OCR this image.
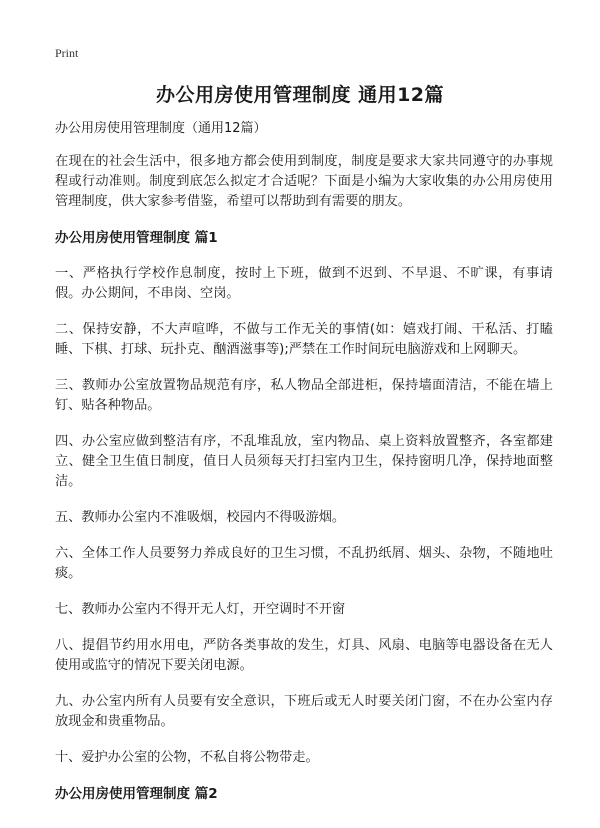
Print
办公用房使用管理制度 通用12篇

办公用房使用管理制度（通用12篇）

在现在的社会生活中，很多地方都会使用到制度，制度是要求大家共同遵守的办事规程或行动准则。制度到底怎么拟定才合适呢？下面是小编为大家收集的办公用房使用管理制度，供大家参考借鉴，希望可以帮助到有需要的朋友。

办公用房使用管理制度 篇1

一、严格执行学校作息制度，按时上下班，做到不迟到、不早退、不旷课，有事请假。办公期间，不串岗、空岗。

二、保持安静，不大声喧哗，不做与工作无关的事情(如：嬉戏打闹、干私活、打瞌睡、下棋、打球、玩扑克、酗酒滋事等);严禁在工作时间玩电脑游戏和上网聊天。

三、教师办公室放置物品规范有序，私人物品全部进柜，保持墙面清洁，不能在墙上钉、贴各种物品。

四、办公室应做到整洁有序，不乱堆乱放，室内物品、桌上资料放置整齐，各室都建立、健全卫生值日制度，值日人员须每天打扫室内卫生，保持窗明几净，保持地面整洁。

五、教师办公室内不准吸烟，校园内不得吸游烟。

六、全体工作人员要努力养成良好的卫生习惯，不乱扔纸屑、烟头、杂物，不随地吐痰。

七、教师办公室内不得开无人灯，开空调时不开窗

八、提倡节约用水用电，严防各类事故的发生，灯具、风扇、电脑等电器设备在无人使用或监守的情况下要关闭电源。

九、办公室内所有人员要有安全意识，下班后或无人时要关闭门窗，不在办公室内存放现金和贵重物品。

十、爱护办公室的公物，不私自将公物带走。

办公用房使用管理制度 篇2
